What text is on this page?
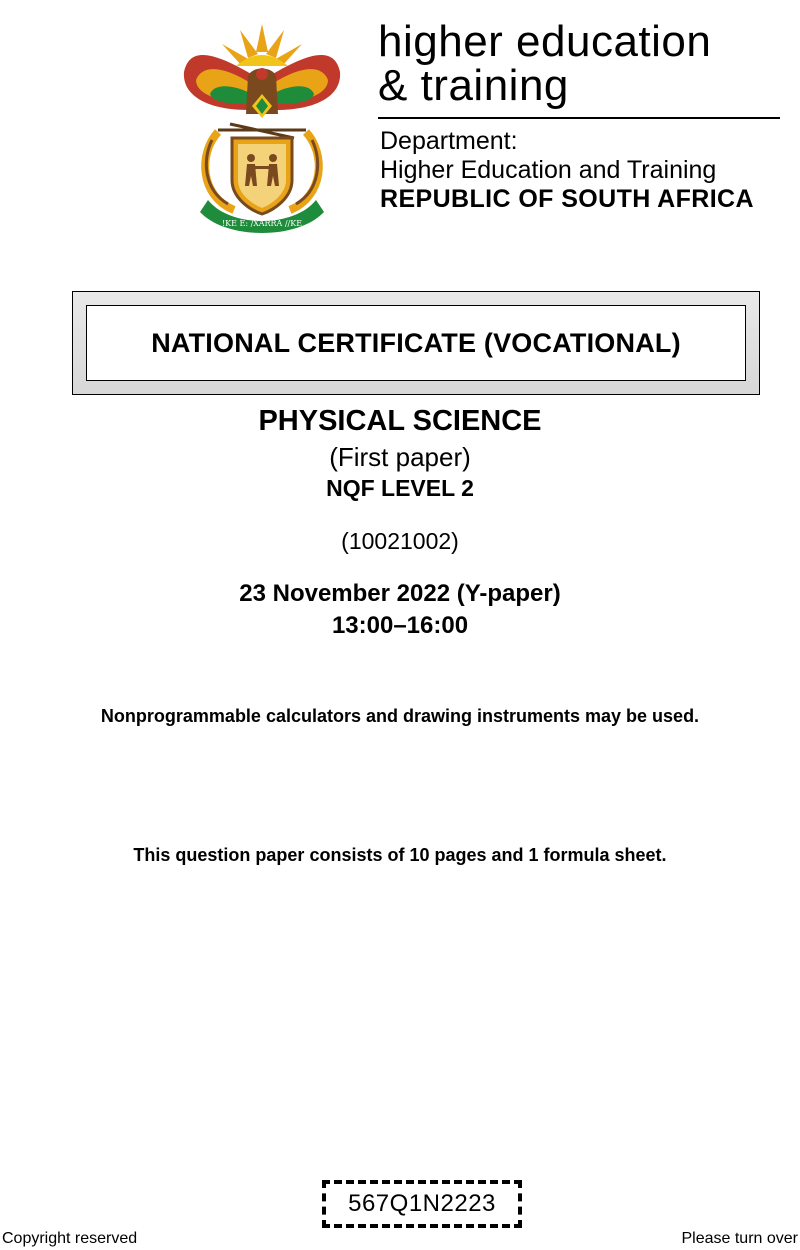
!KE E: /XARRA //KE
higher education
& training
Department:
Higher Education and Training
REPUBLIC OF SOUTH AFRICA
NATIONAL CERTIFICATE (VOCATIONAL)
PHYSICAL SCIENCE
(First paper)
NQF LEVEL 2
(10021002)
23 November 2022 (Y-paper)
13:00–16:00
Nonprogrammable calculators and drawing instruments may be used.
This question paper consists of 10 pages and 1 formula sheet.
567Q1N2223
Copyright reserved	Please turn over
